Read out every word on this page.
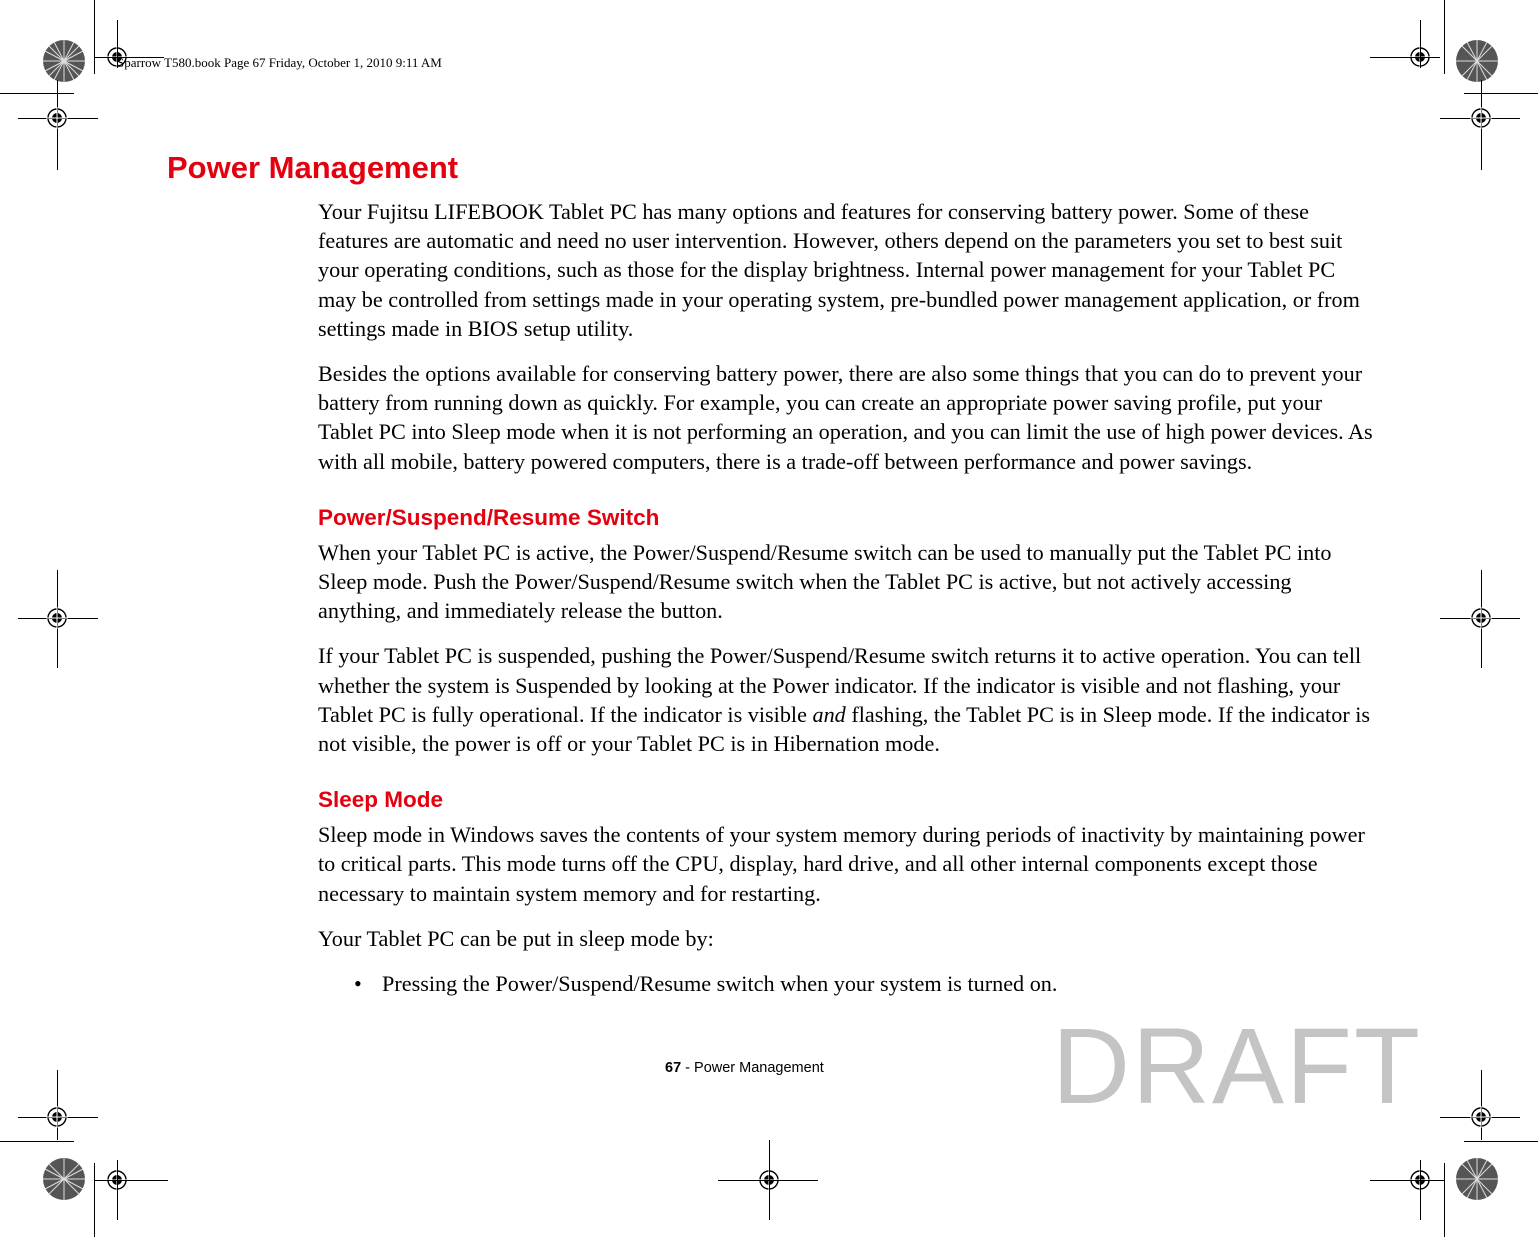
Sparrow T580.book Page 67 Friday, October 1, 2010 9:11 AM
Power Management

Your Fujitsu LIFEBOOK Tablet PC has many options and features for conserving battery power. Some of these features are automatic and need no user intervention. However, others depend on the parameters you set to best suit your operating conditions, such as those for the display brightness. Internal power management for your Tablet PC may be controlled from settings made in your operating system, pre-bundled power management application, or from settings made in BIOS setup utility.

Besides the options available for conserving battery power, there are also some things that you can do to prevent your battery from running down as quickly. For example, you can create an appropriate power saving profile, put your Tablet PC into Sleep mode when it is not performing an operation, and you can limit the use of high power devices. As with all mobile, battery powered computers, there is a trade-off between performance and power savings.

Power/Suspend/Resume Switch

When your Tablet PC is active, the Power/Suspend/Resume switch can be used to manually put the Tablet PC into Sleep mode. Push the Power/Suspend/Resume switch when the Tablet PC is active, but not actively accessing anything, and immediately release the button.

If your Tablet PC is suspended, pushing the Power/Suspend/Resume switch returns it to active operation. You can tell whether the system is Suspended by looking at the Power indicator. If the indicator is visible and not flashing, your Tablet PC is fully operational. If the indicator is visible and flashing, the Tablet PC is in Sleep mode. If the indicator is not visible, the power is off or your Tablet PC is in Hibernation mode.

Sleep Mode

Sleep mode in Windows saves the contents of your system memory during periods of inactivity by maintaining power to critical parts. This mode turns off the CPU, display, hard drive, and all other internal components except those necessary to maintain system memory and for restarting.

Your Tablet PC can be put in sleep mode by:

• Pressing the Power/Suspend/Resume switch when your system is turned on.
67 - Power Management DRAFT
